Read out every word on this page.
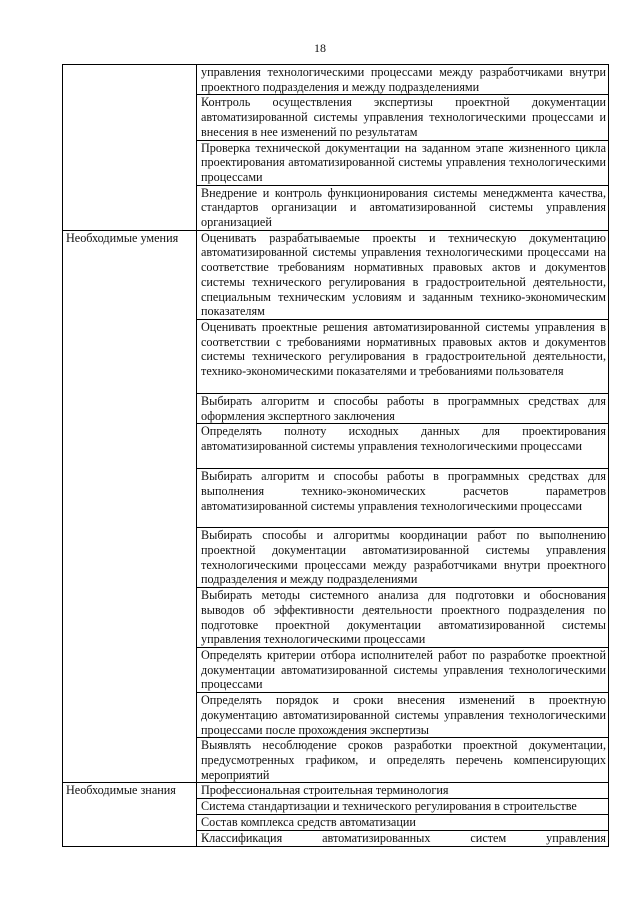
18
	управления технологическими процессами между разработчиками внутри проектного подразделения и между подразделениями
	Контроль осуществления экспертизы проектной документации автоматизированной системы управления технологическими процессами и внесения в нее изменений по результатам
	Проверка технической документации на заданном этапе жизненного цикла проектирования автоматизированной системы управления технологическими процессами
	Внедрение и контроль функционирования системы менеджмента качества, стандартов организации и автоматизированной системы управления организацией
Необходимые умения	Оценивать разрабатываемые проекты и техническую документацию автоматизированной системы управления технологическими процессами на соответствие требованиям нормативных правовых актов и документов системы технического регулирования в градостроительной деятельности, специальным техническим условиям и заданным технико-экономическим показателям
	Оценивать проектные решения автоматизированной системы управления в соответствии с требованиями нормативных правовых актов и документов системы технического регулирования в градостроительной деятельности, технико-экономическими показателями и требованиями пользователя
	Выбирать алгоритм и способы работы в программных средствах для оформления экспертного заключения
	Определять полноту исходных данных для проектирования автоматизированной системы управления технологическими процессами
	Выбирать алгоритм и способы работы в программных средствах для выполнения технико-экономических расчетов параметров автоматизированной системы управления технологическими процессами
	Выбирать способы и алгоритмы координации работ по выполнению проектной документации автоматизированной системы управления технологическими процессами между разработчиками внутри проектного подразделения и между подразделениями
	Выбирать методы системного анализа для подготовки и обоснования выводов об эффективности деятельности проектного подразделения по подготовке проектной документации автоматизированной системы управления технологическими процессами
	Определять критерии отбора исполнителей работ по разработке проектной документации автоматизированной системы управления технологическими процессами
	Определять порядок и сроки внесения изменений в проектную документацию автоматизированной системы управления технологическими процессами после прохождения экспертизы
	Выявлять несоблюдение сроков разработки проектной документации, предусмотренных графиком, и определять перечень компенсирующих мероприятий
Необходимые знания	Профессиональная строительная терминология
	Система стандартизации и технического регулирования в строительстве
	Состав комплекса средств автоматизации
	Классификация автоматизированных систем управления
